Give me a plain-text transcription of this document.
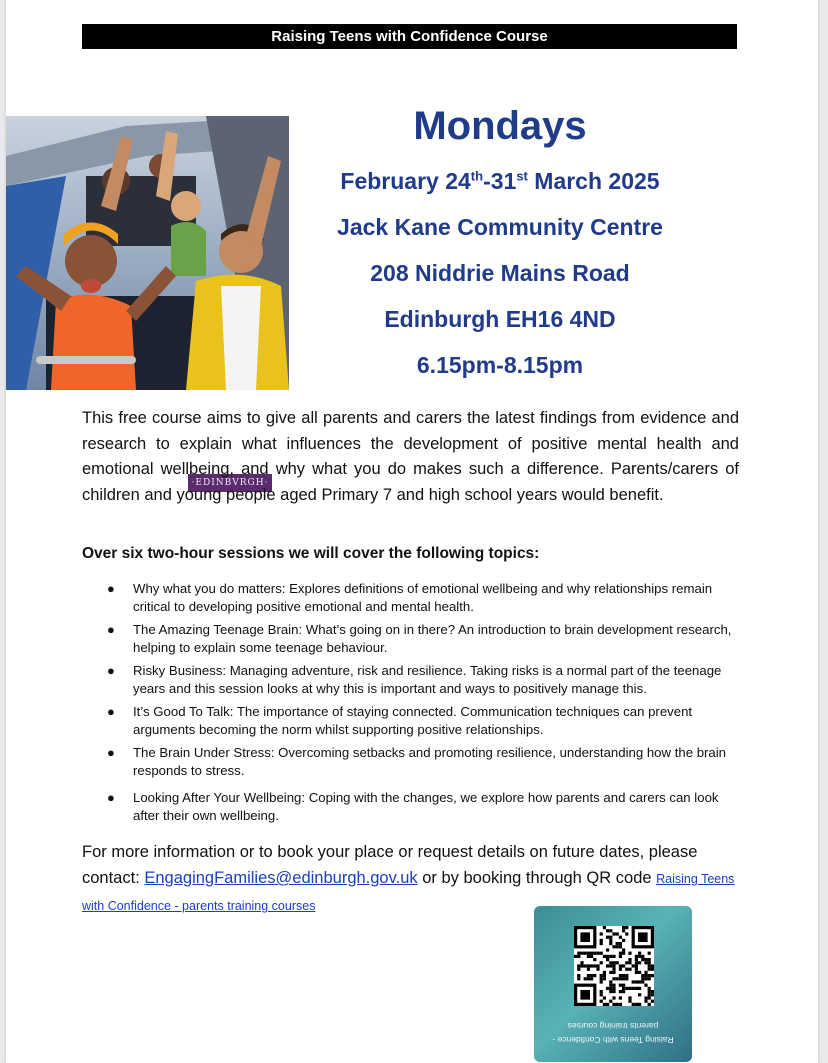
Raising Teens with Confidence Course
·EDINBVRGH·
Mondays
February 24th-31st March 2025
Jack Kane Community Centre
208 Niddrie Mains Road
Edinburgh EH16 4ND
6.15pm-8.15pm

This free course aims to give all parents and carers the latest findings from evidence and research to explain what influences the development of positive mental health and emotional wellbeing, and why what you do makes such a difference. Parents/carers of children and young people aged Primary 7 and high school years would benefit.

Over six two-hour sessions we will cover the following topics:
● Why what you do matters: Explores definitions of emotional wellbeing and why relationships remain critical to developing positive emotional and mental health.
● The Amazing Teenage Brain: What’s going on in there? An introduction to brain development research, helping to explain some teenage behaviour.
● Risky Business: Managing adventure, risk and resilience. Taking risks is a normal part of the teenage years and this session looks at why this is important and ways to positively manage this.
● It’s Good To Talk: The importance of staying connected. Communication techniques can prevent arguments becoming the norm whilst supporting positive relationships.
● The Brain Under Stress: Overcoming setbacks and promoting resilience, understanding how the brain responds to stress.
● Looking After Your Wellbeing: Coping with the changes, we explore how parents and carers can look after their own wellbeing.
For more information or to book your place or request details on future dates, please contact: EngagingFamilies@edinburgh.gov.uk or by booking through QR code Raising Teens with Confidence - parents training courses
Raising Teens with Confidence - parents training courses
